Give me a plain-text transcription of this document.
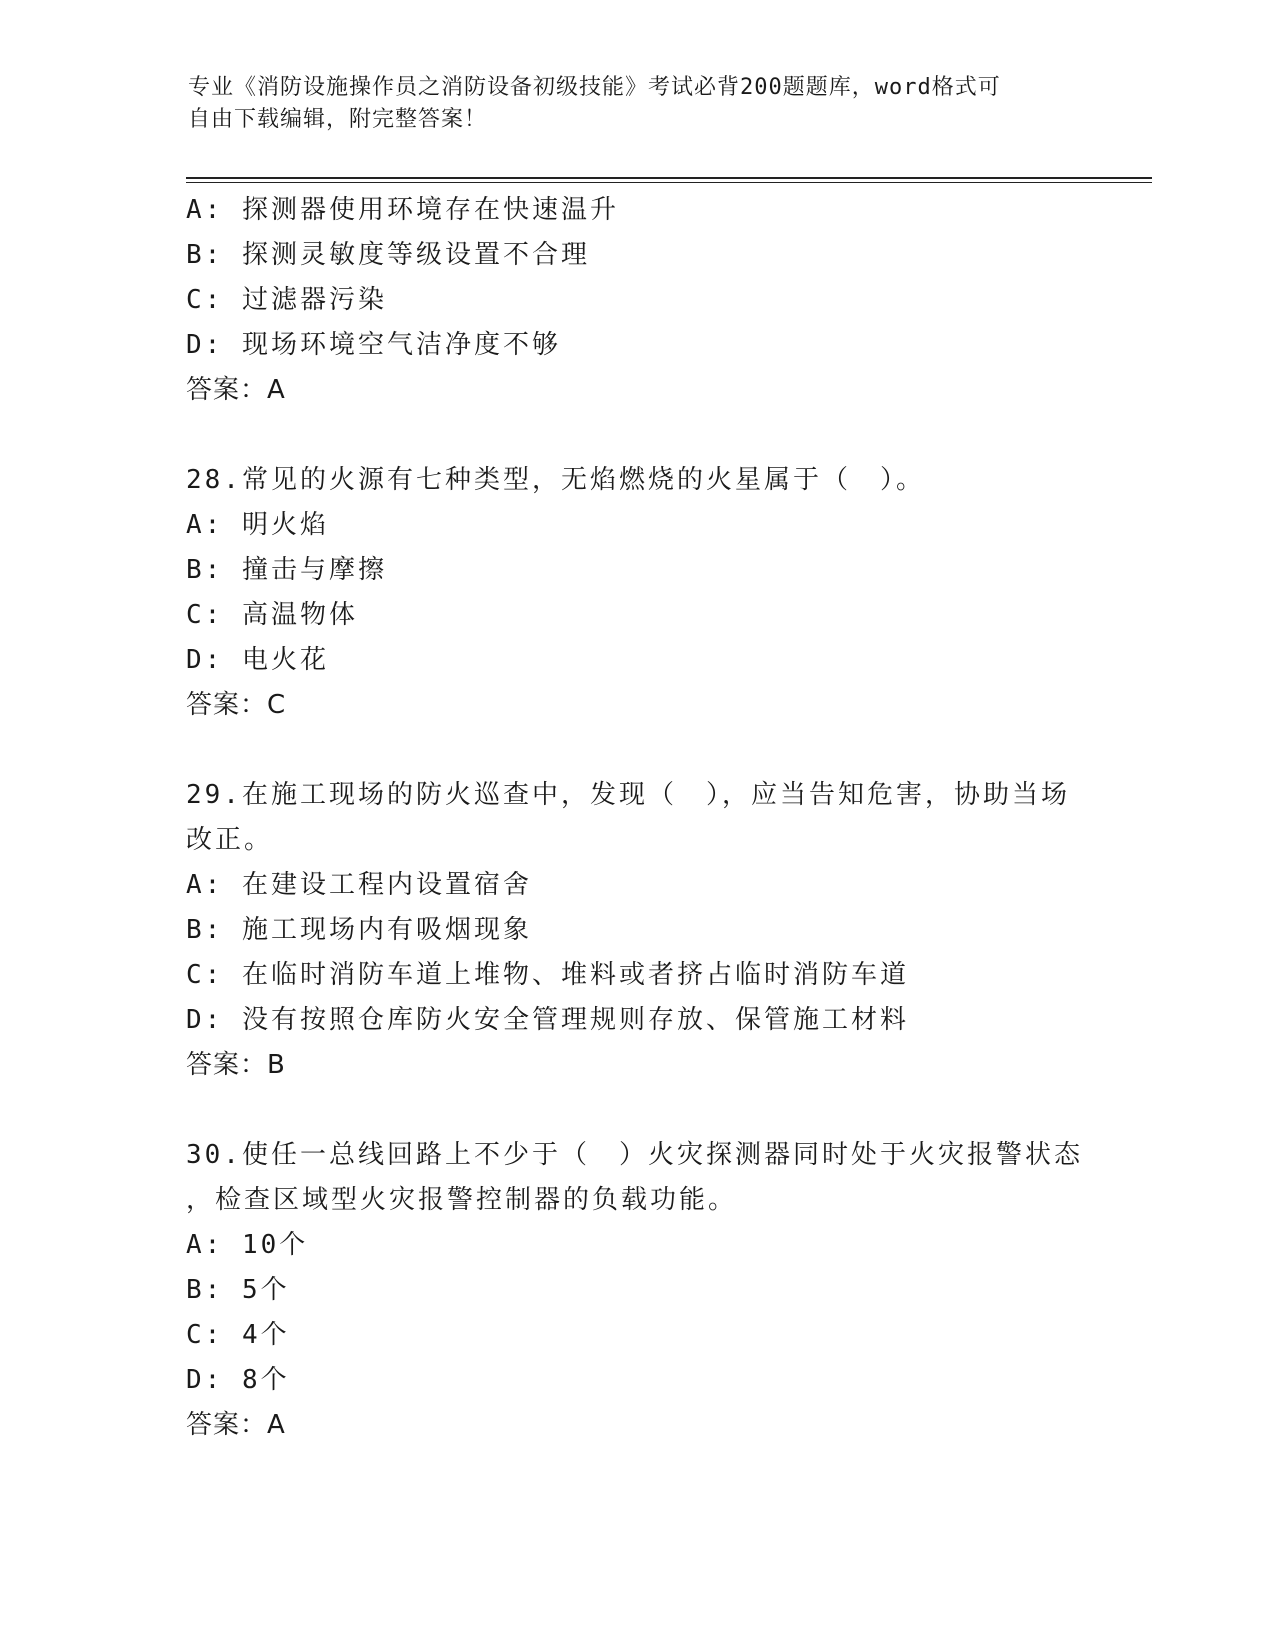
专业《消防设施操作员之消防设备初级技能》考试必背200题题库，word格式可
自由下载编辑，附完整答案！
A: 探测器使用环境存在快速温升
B: 探测灵敏度等级设置不合理
C: 过滤器污染
D: 现场环境空气洁净度不够
答案：A
28.常见的火源有七种类型，无焰燃烧的火星属于（　）。
A: 明火焰
B: 撞击与摩擦
C: 高温物体
D: 电火花
答案：C
29.在施工现场的防火巡查中，发现（　），应当告知危害，协助当场
改正。
A: 在建设工程内设置宿舍
B: 施工现场内有吸烟现象
C: 在临时消防车道上堆物、堆料或者挤占临时消防车道
D: 没有按照仓库防火安全管理规则存放、保管施工材料
答案：B
30.使任一总线回路上不少于（　）火灾探测器同时处于火灾报警状态
，检查区域型火灾报警控制器的负载功能。
A: 10个
B: 5个
C: 4个
D: 8个
答案：A
